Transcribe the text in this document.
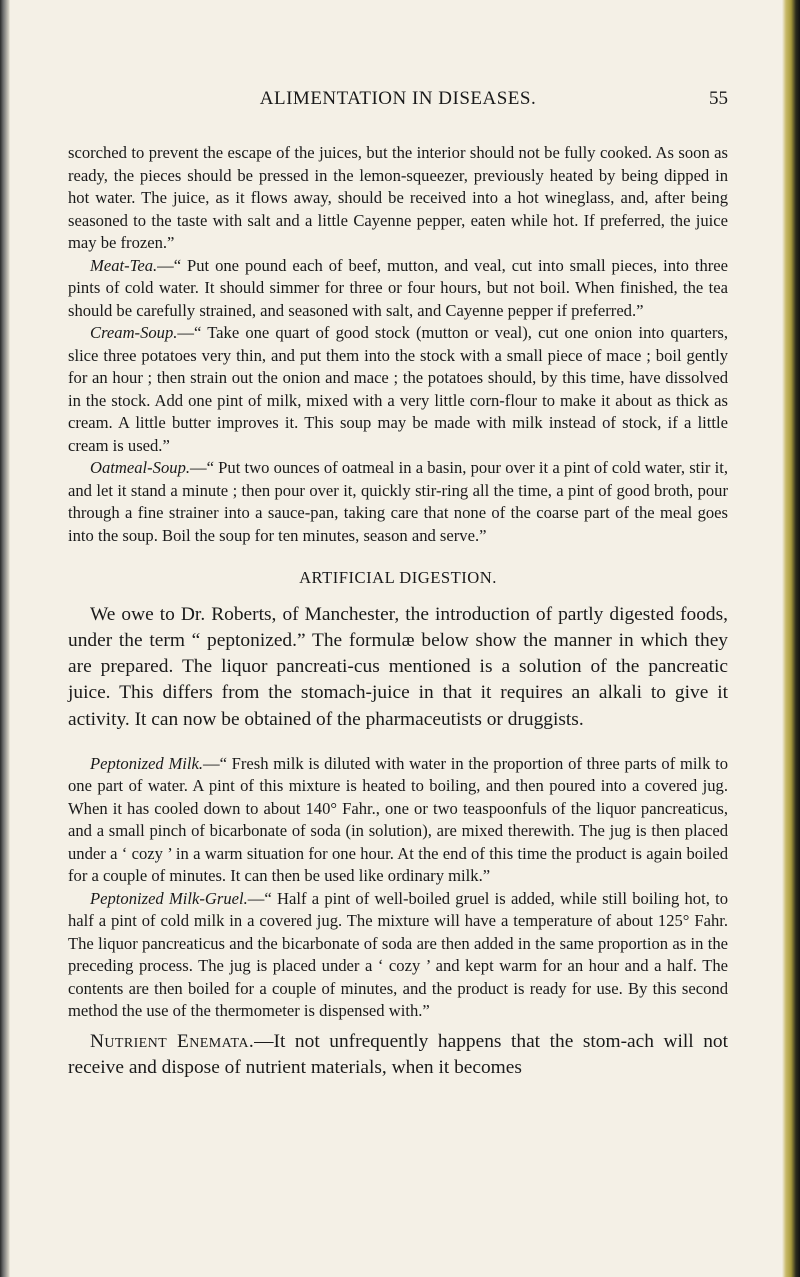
ALIMENTATION IN DISEASES.	55

scorched to prevent the escape of the juices, but the interior should not be fully cooked. As soon as ready, the pieces should be pressed in the lemon-squeezer, previously heated by being dipped in hot water. The juice, as it flows away, should be received into a hot wineglass, and, after being seasoned to the taste with salt and a little Cayenne pepper, eaten while hot. If preferred, the juice may be frozen.”

Meat-Tea.—“ Put one pound each of beef, mutton, and veal, cut into small pieces, into three pints of cold water. It should simmer for three or four hours, but not boil. When finished, the tea should be carefully strained, and seasoned with salt, and Cayenne pepper if preferred.”

Cream-Soup.—“ Take one quart of good stock (mutton or veal), cut one onion into quarters, slice three potatoes very thin, and put them into the stock with a small piece of mace ; boil gently for an hour ; then strain out the onion and mace ; the potatoes should, by this time, have dissolved in the stock. Add one pint of milk, mixed with a very little corn-flour to make it about as thick as cream. A little butter improves it. This soup may be made with milk instead of stock, if a little cream is used.”

Oatmeal-Soup.—“ Put two ounces of oatmeal in a basin, pour over it a pint of cold water, stir it, and let it stand a minute ; then pour over it, quickly stir-ring all the time, a pint of good broth, pour through a fine strainer into a sauce-pan, taking care that none of the coarse part of the meal goes into the soup. Boil the soup for ten minutes, season and serve.”

ARTIFICIAL DIGESTION.

We owe to Dr. Roberts, of Manchester, the introduction of partly digested foods, under the term “ peptonized.” The formulæ below show the manner in which they are prepared. The liquor pancreati-cus mentioned is a solution of the pancreatic juice. This differs from the stomach-juice in that it requires an alkali to give it activity. It can now be obtained of the pharmaceutists or druggists.

Peptonized Milk.—“ Fresh milk is diluted with water in the proportion of three parts of milk to one part of water. A pint of this mixture is heated to boiling, and then poured into a covered jug. When it has cooled down to about 140° Fahr., one or two teaspoonfuls of the liquor pancreaticus, and a small pinch of bicarbonate of soda (in solution), are mixed therewith. The jug is then placed under a ‘ cozy ’ in a warm situation for one hour. At the end of this time the product is again boiled for a couple of minutes. It can then be used like ordinary milk.”

Peptonized Milk-Gruel.—“ Half a pint of well-boiled gruel is added, while still boiling hot, to half a pint of cold milk in a covered jug. The mixture will have a temperature of about 125° Fahr. The liquor pancreaticus and the bicarbonate of soda are then added in the same proportion as in the preceding process. The jug is placed under a ‘ cozy ’ and kept warm for an hour and a half. The contents are then boiled for a couple of minutes, and the product is ready for use. By this second method the use of the thermometer is dispensed with.”

Nutrient Enemata.—It not unfrequently happens that the stom-ach will not receive and dispose of nutrient materials, when it becomes
